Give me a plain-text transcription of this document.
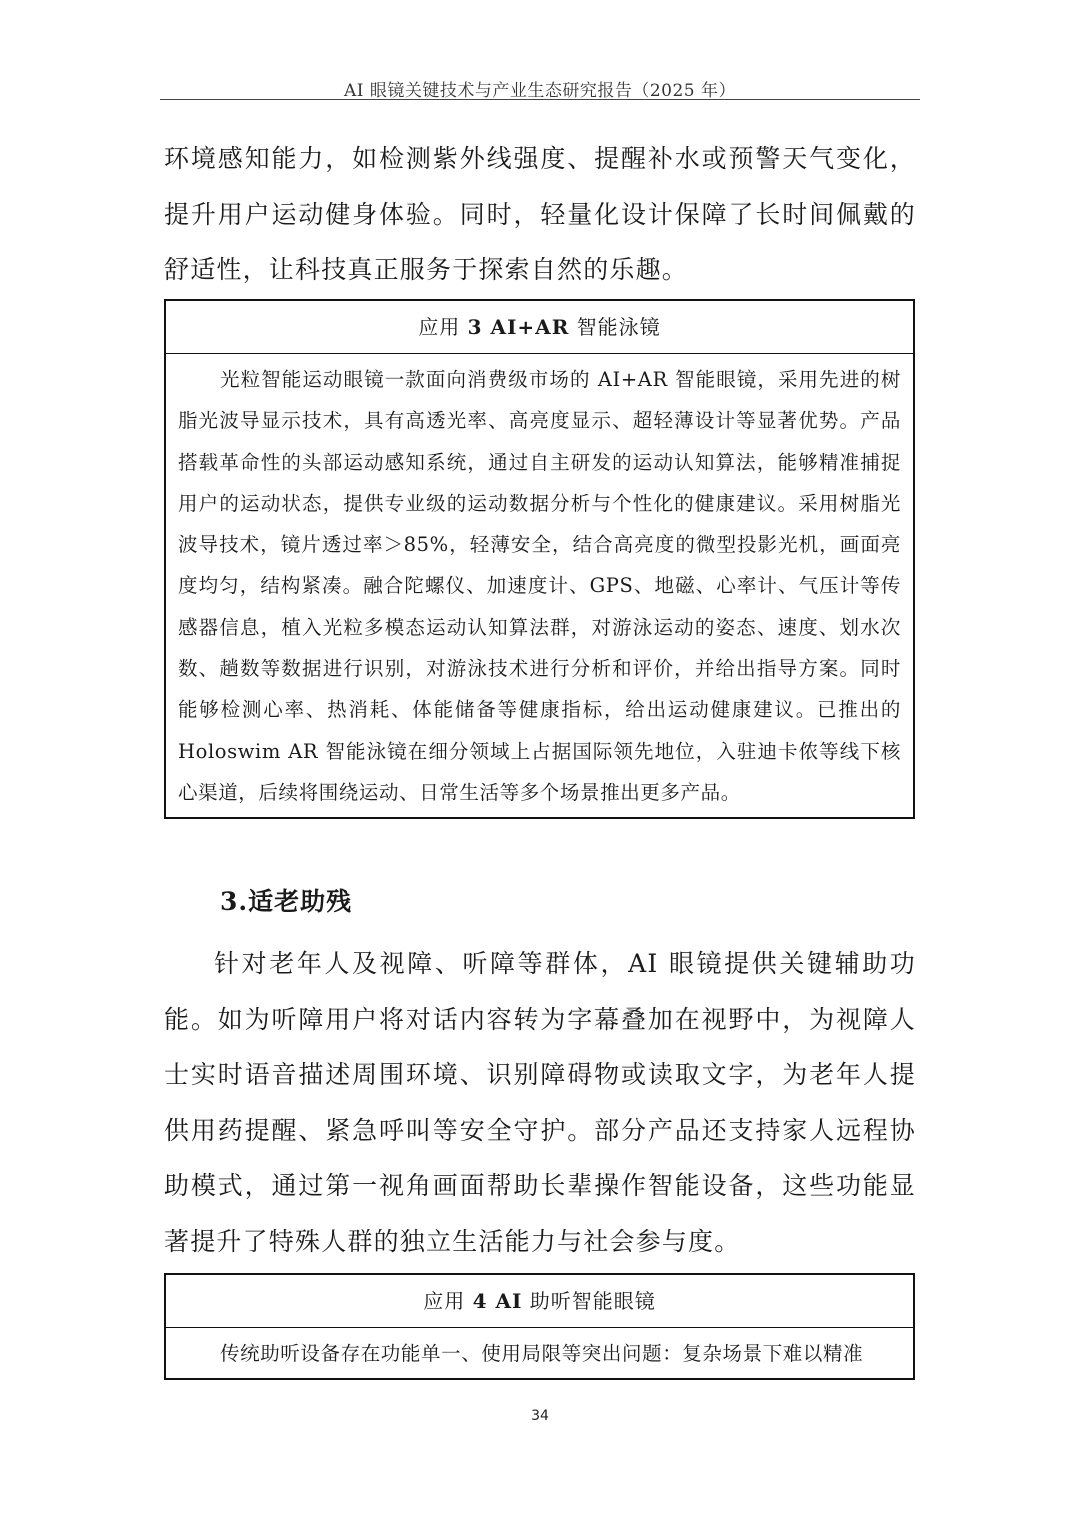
AI 眼镜关键技术与产业生态研究报告（2025 年）

环境感知能力，如检测紫外线强度、提醒补水或预警天气变化，提升用户运动健身体验。同时，轻量化设计保障了长时间佩戴的舒适性，让科技真正服务于探索自然的乐趣。

应用 3 AI+AR 智能泳镜

光粒智能运动眼镜一款面向消费级市场的 AI+AR 智能眼镜，采用先进的树脂光波导显示技术，具有高透光率、高亮度显示、超轻薄设计等显著优势。产品搭载革命性的头部运动感知系统，通过自主研发的运动认知算法，能够精准捕捉用户的运动状态，提供专业级的运动数据分析与个性化的健康建议。采用树脂光波导技术，镜片透过率＞85%，轻薄安全，结合高亮度的微型投影光机，画面亮度均匀，结构紧凑。融合陀螺仪、加速度计、GPS、地磁、心率计、气压计等传感器信息，植入光粒多模态运动认知算法群，对游泳运动的姿态、速度、划水次数、趟数等数据进行识别，对游泳技术进行分析和评价，并给出指导方案。同时能够检测心率、热消耗、体能储备等健康指标，给出运动健康建议。已推出的 Holoswim AR 智能泳镜在细分领域上占据国际领先地位，入驻迪卡侬等线下核心渠道，后续将围绕运动、日常生活等多个场景推出更多产品。

3.适老助残

针对老年人及视障、听障等群体，AI 眼镜提供关键辅助功能。如为听障用户将对话内容转为字幕叠加在视野中，为视障人士实时语音描述周围环境、识别障碍物或读取文字，为老年人提供用药提醒、紧急呼叫等安全守护。部分产品还支持家人远程协助模式，通过第一视角画面帮助长辈操作智能设备，这些功能显著提升了特殊人群的独立生活能力与社会参与度。

应用 4 AI 助听智能眼镜

传统助听设备存在功能单一、使用局限等突出问题：复杂场景下难以精准

34
